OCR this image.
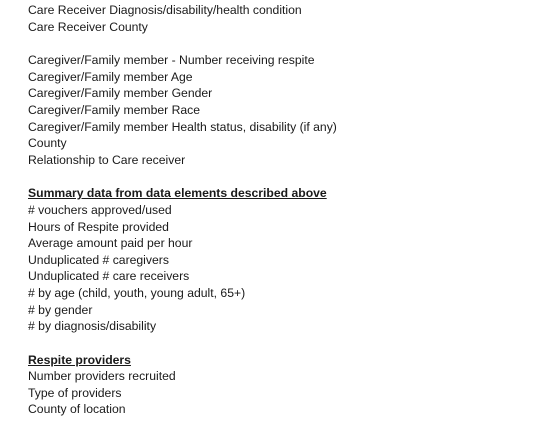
Care Receiver Diagnosis/disability/health condition
Care Receiver County
Caregiver/Family member - Number receiving respite
Caregiver/Family member Age
Caregiver/Family member Gender
Caregiver/Family member Race
Caregiver/Family member Health status, disability (if any)
County
Relationship to Care receiver
Summary data from data elements described above
# vouchers approved/used
Hours of Respite provided
Average amount paid per hour
Unduplicated # caregivers
Unduplicated # care receivers
# by age (child, youth, young adult, 65+)
# by gender
# by diagnosis/disability
Respite providers
Number providers recruited
Type of providers
County of location
